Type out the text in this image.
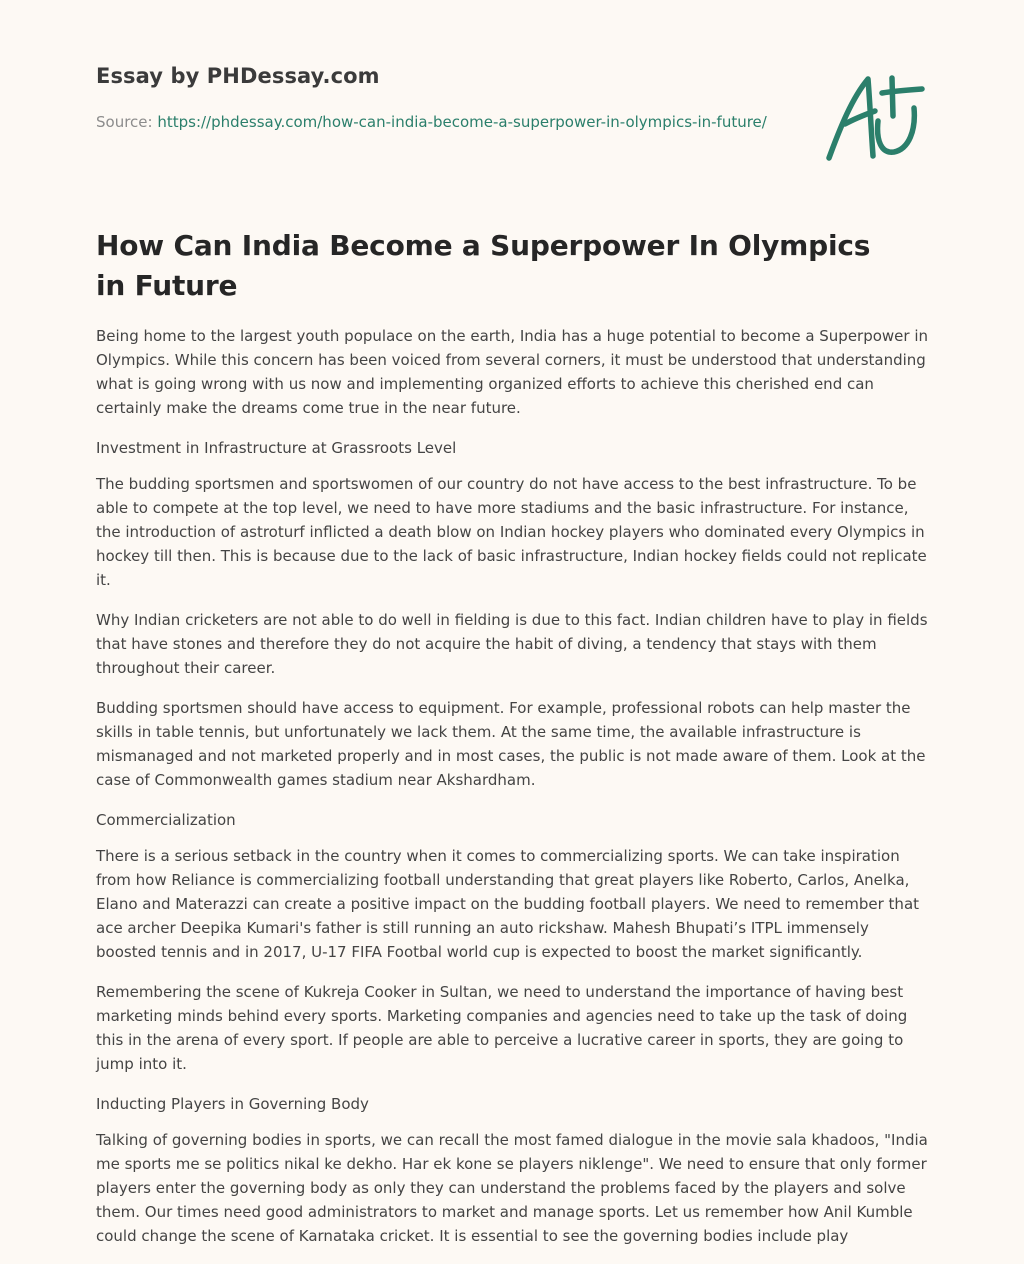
Essay by PHDessay.com
Source: https://phdessay.com/how-can-india-become-a-superpower-in-olympics-in-future/
How Can India Become a Superpower In Olympics in Future

Being home to the largest youth populace on the earth, India has a huge potential to become a Superpower in Olympics. While this concern has been voiced from several corners, it must be understood that understanding what is going wrong with us now and implementing organized efforts to achieve this cherished end can certainly make the dreams come true in the near future.

Investment in Infrastructure at Grassroots Level

The budding sportsmen and sportswomen of our country do not have access to the best infrastructure. To be able to compete at the top level, we need to have more stadiums and the basic infrastructure. For instance, the introduction of astroturf inflicted a death blow on Indian hockey players who dominated every Olympics in hockey till then. This is because due to the lack of basic infrastructure, Indian hockey fields could not replicate it.

Why Indian cricketers are not able to do well in fielding is due to this fact. Indian children have to play in fields that have stones and therefore they do not acquire the habit of diving, a tendency that stays with them throughout their career.

Budding sportsmen should have access to equipment. For example, professional robots can help master the skills in table tennis, but unfortunately we lack them. At the same time, the available infrastructure is mismanaged and not marketed properly and in most cases, the public is not made aware of them. Look at the case of Commonwealth games stadium near Akshardham.

Commercialization

There is a serious setback in the country when it comes to commercializing sports. We can take inspiration from how Reliance is commercializing football understanding that great players like Roberto, Carlos, Anelka, Elano and Materazzi can create a positive impact on the budding football players. We need to remember that ace archer Deepika Kumari's father is still running an auto rickshaw. Mahesh Bhupati’s ITPL immensely boosted tennis and in 2017, U-17 FIFA Footbal world cup is expected to boost the market significantly.

Remembering the scene of Kukreja Cooker in Sultan, we need to understand the importance of having best marketing minds behind every sports. Marketing companies and agencies need to take up the task of doing this in the arena of every sport. If people are able to perceive a lucrative career in sports, they are going to jump into it.

Inducting Players in Governing Body

Talking of governing bodies in sports, we can recall the most famed dialogue in the movie sala khadoos, "India me sports me se politics nikal ke dekho. Har ek kone se players niklenge". We need to ensure that only former players enter the governing body as only they can understand the problems faced by the players and solve them. Our times need good administrators to market and manage sports. Let us remember how Anil Kumble could change the scene of Karnataka cricket. It is essential to see the governing bodies include play
